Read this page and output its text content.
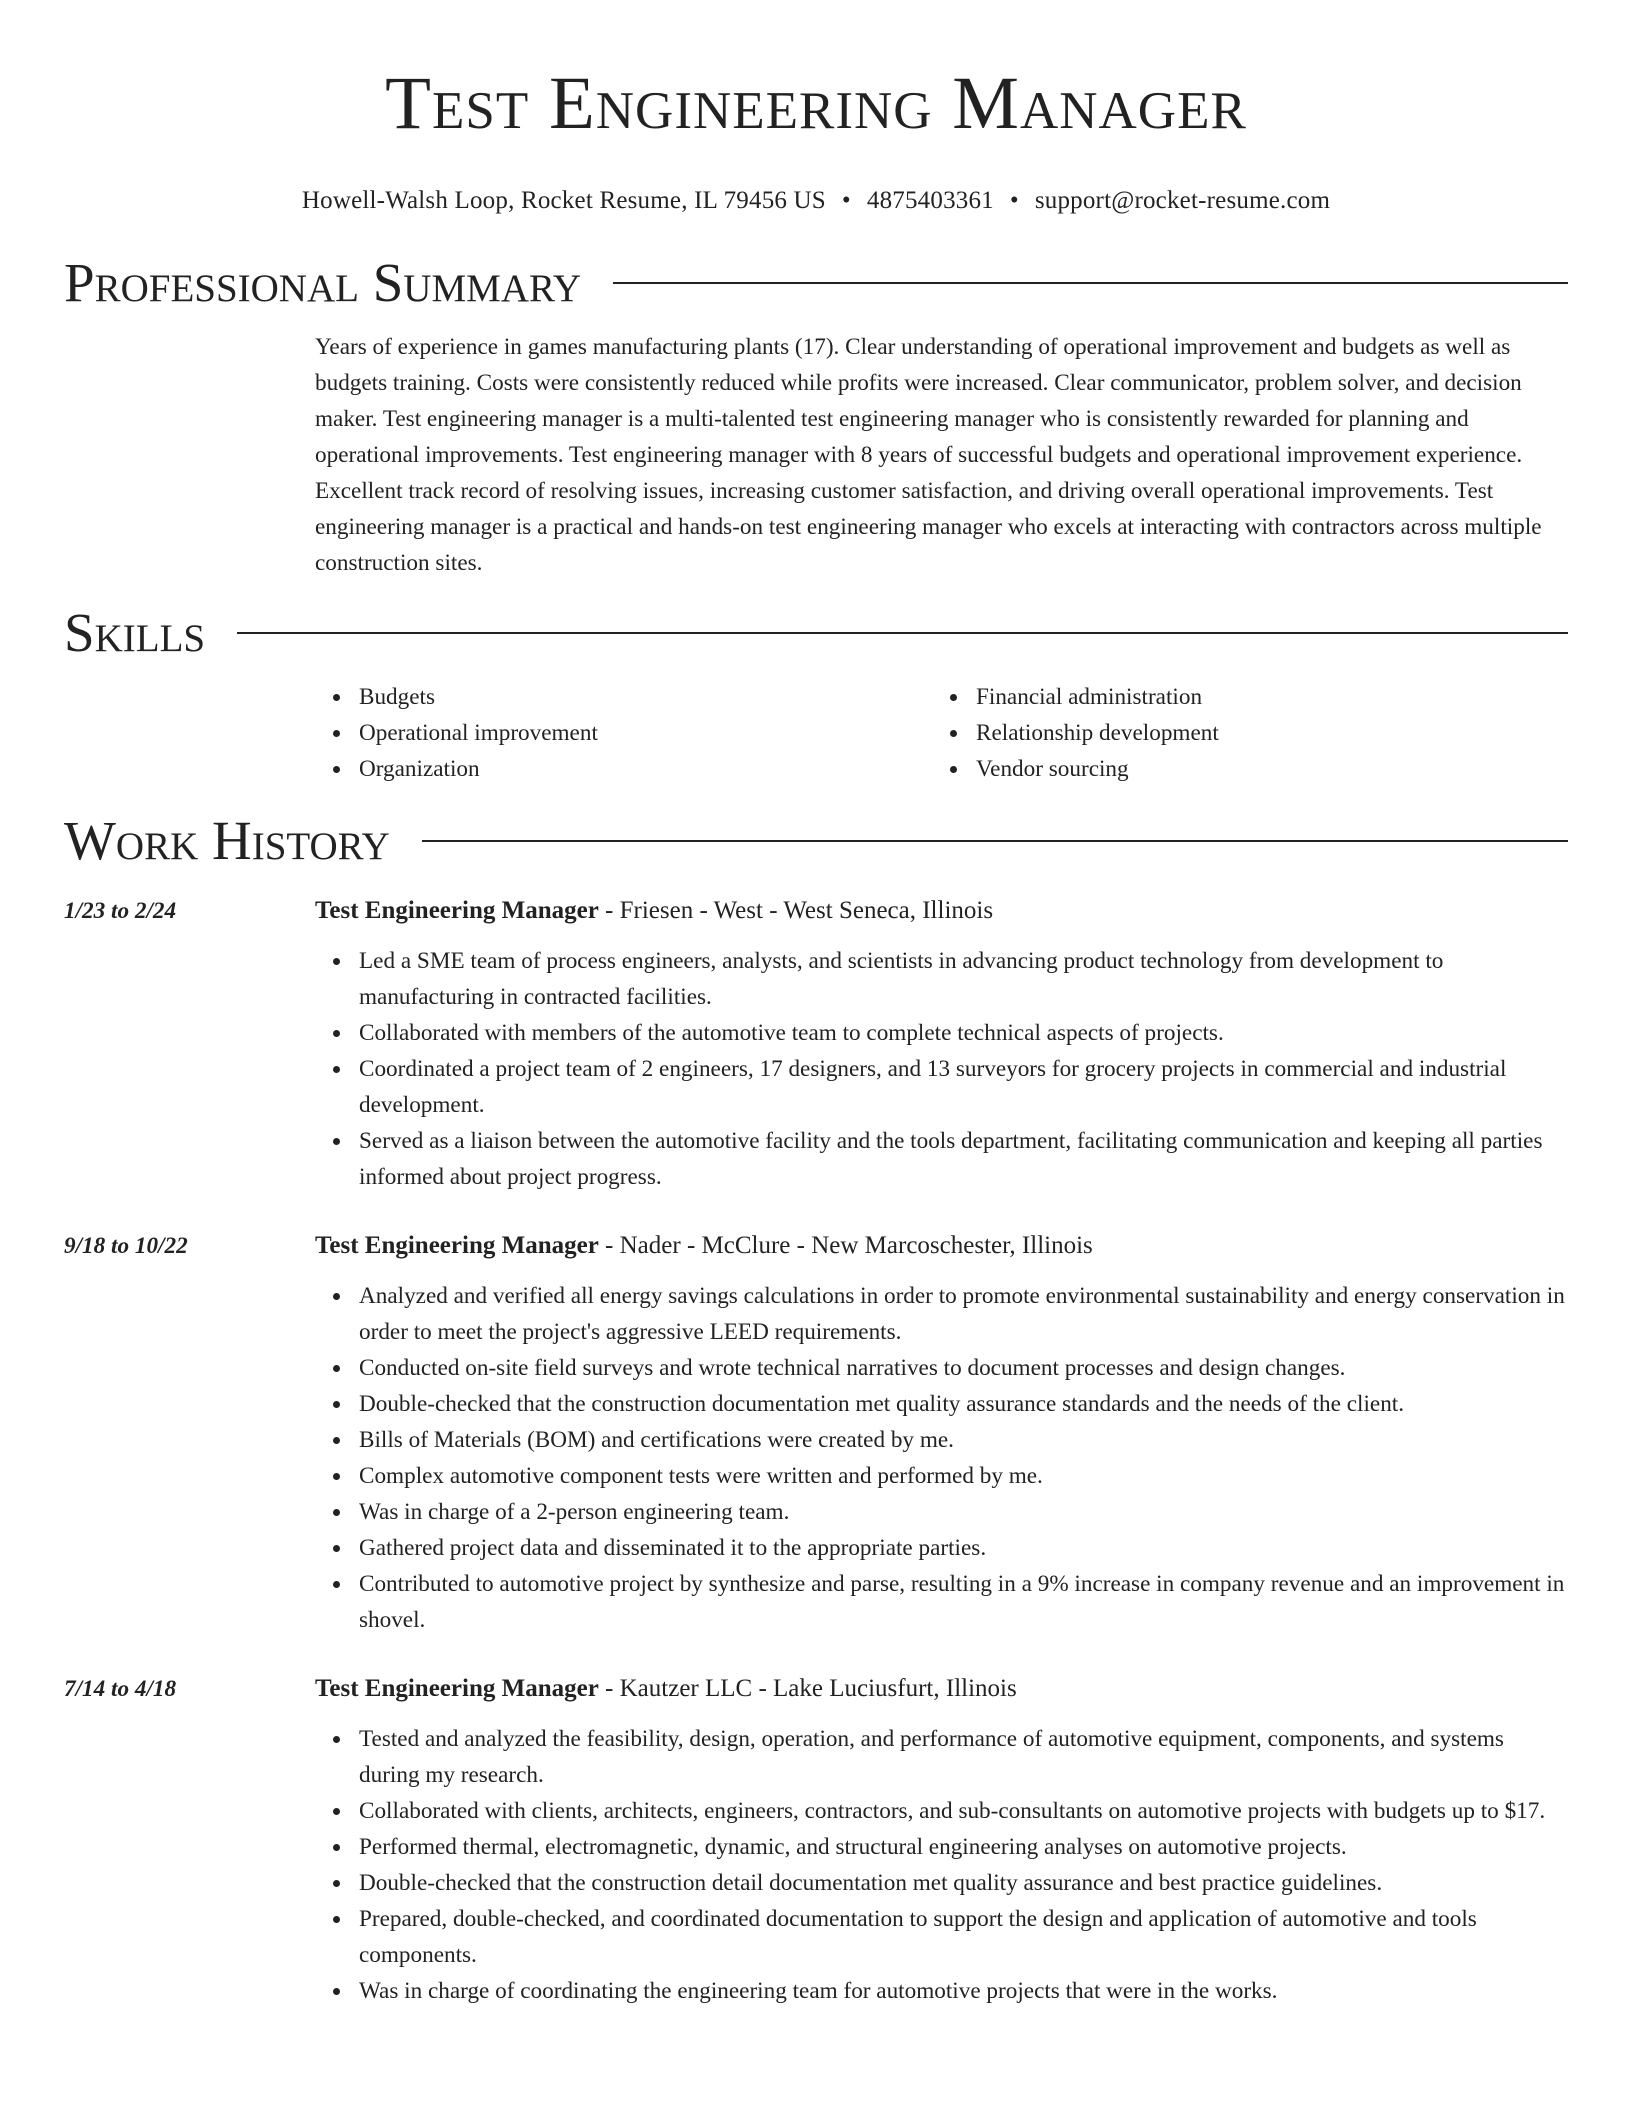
Test Engineering Manager
Howell-Walsh Loop, Rocket Resume, IL 79456 US • 4875403361 • support@rocket-resume.com
Professional Summary

Years of experience in games manufacturing plants (17). Clear understanding of operational improvement and budgets as well as budgets training. Costs were consistently reduced while profits were increased. Clear communicator, problem solver, and decision maker. Test engineering manager is a multi-talented test engineering manager who is consistently rewarded for planning and operational improvements. Test engineering manager with 8 years of successful budgets and operational improvement experience. Excellent track record of resolving issues, increasing customer satisfaction, and driving overall operational improvements. Test engineering manager is a practical and hands-on test engineering manager who excels at interacting with contractors across multiple construction sites.

Skills
Budgets
Operational improvement
Organization
Financial administration
Relationship development
Vendor sourcing
Work History
1/23 to 2/24	Test Engineering Manager - Friesen - West - West Seneca, Illinois
Led a SME team of process engineers, analysts, and scientists in advancing product technology from development to manufacturing in contracted facilities.
Collaborated with members of the automotive team to complete technical aspects of projects.
Coordinated a project team of 2 engineers, 17 designers, and 13 surveyors for grocery projects in commercial and industrial development.
Served as a liaison between the automotive facility and the tools department, facilitating communication and keeping all parties informed about project progress.
9/18 to 10/22	Test Engineering Manager - Nader - McClure - New Marcoschester, Illinois
Analyzed and verified all energy savings calculations in order to promote environmental sustainability and energy conservation in order to meet the project's aggressive LEED requirements.
Conducted on-site field surveys and wrote technical narratives to document processes and design changes.
Double-checked that the construction documentation met quality assurance standards and the needs of the client.
Bills of Materials (BOM) and certifications were created by me.
Complex automotive component tests were written and performed by me.
Was in charge of a 2-person engineering team.
Gathered project data and disseminated it to the appropriate parties.
Contributed to automotive project by synthesize and parse, resulting in a 9% increase in company revenue and an improvement in shovel.
7/14 to 4/18	Test Engineering Manager - Kautzer LLC - Lake Luciusfurt, Illinois
Tested and analyzed the feasibility, design, operation, and performance of automotive equipment, components, and systems during my research.
Collaborated with clients, architects, engineers, contractors, and sub-consultants on automotive projects with budgets up to $17.
Performed thermal, electromagnetic, dynamic, and structural engineering analyses on automotive projects.
Double-checked that the construction detail documentation met quality assurance and best practice guidelines.
Prepared, double-checked, and coordinated documentation to support the design and application of automotive and tools components.
Was in charge of coordinating the engineering team for automotive projects that were in the works.
